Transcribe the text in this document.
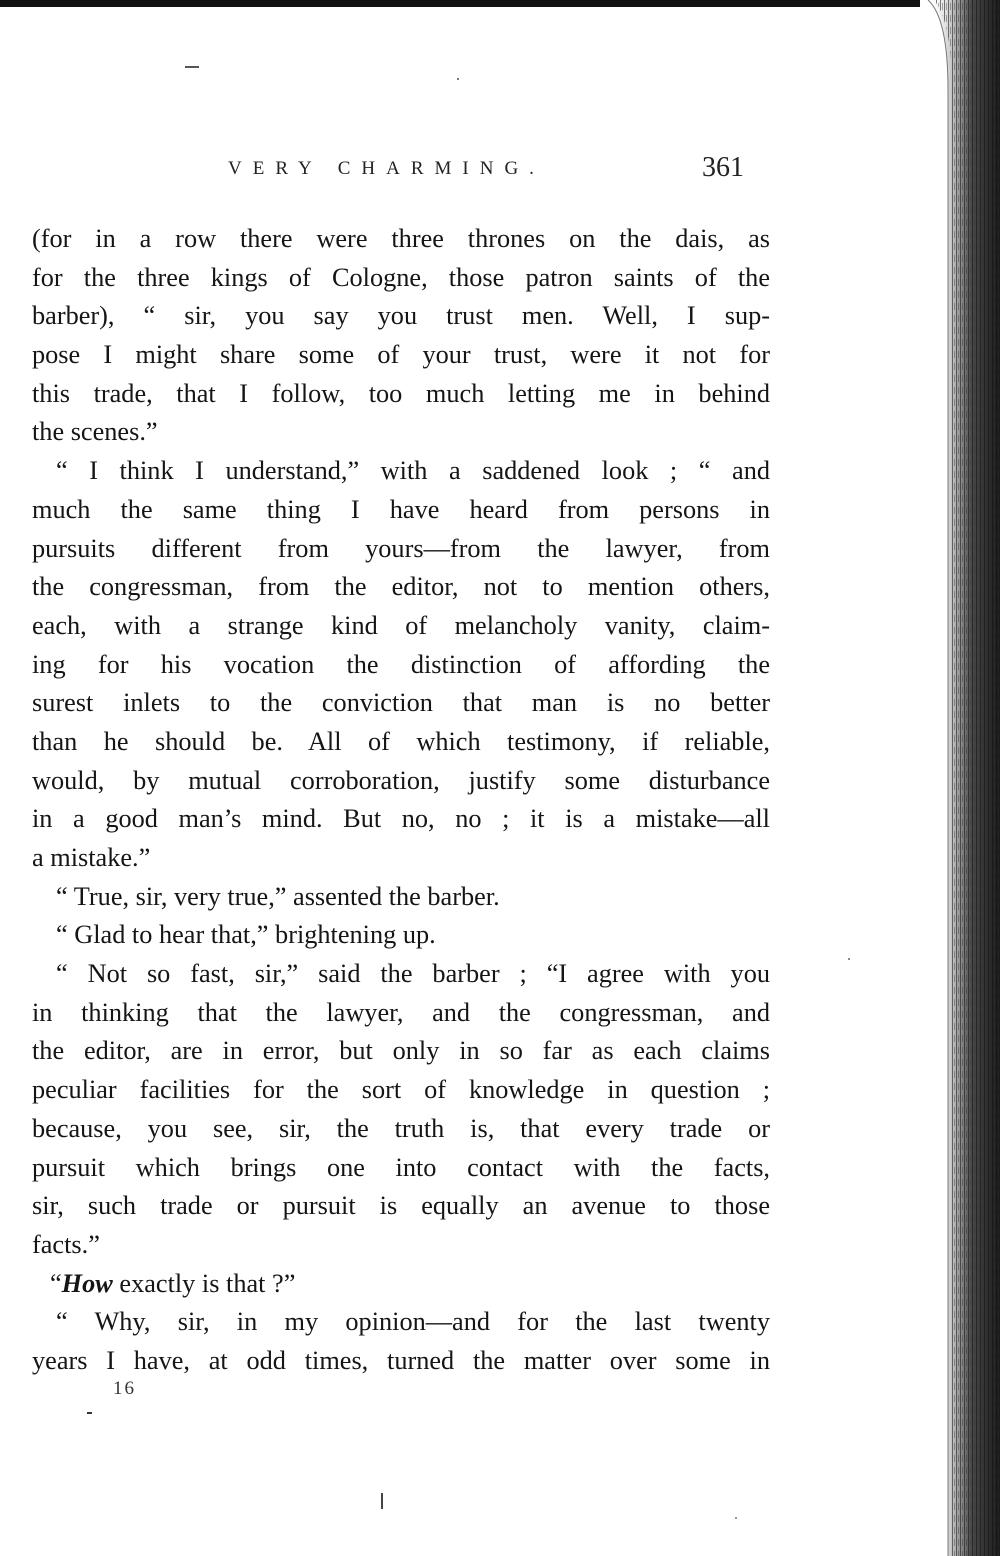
VERY CHARMING.	361
(for in a row there were three thrones on the dais, as
for the three kings of Cologne, those patron saints of the
barber), “ sir, you say you trust men. Well, I sup-
pose I might share some of your trust, were it not for
this trade, that I follow, too much letting me in behind
the scenes.”
“ I think I understand,” with a saddened look ; “ and
much the same thing I have heard from persons in
pursuits different from yours—from the lawyer, from
the congressman, from the editor, not to mention others,
each, with a strange kind of melancholy vanity, claim-
ing for his vocation the distinction of affording the
surest inlets to the conviction that man is no better
than he should be. All of which testimony, if reliable,
would, by mutual corroboration, justify some disturbance
in a good man’s mind. But no, no ; it is a mistake—all
a mistake.”
“ True, sir, very true,” assented the barber.
“ Glad to hear that,” brightening up.
“ Not so fast, sir,” said the barber ; “I agree with you
in thinking that the lawyer, and the congressman, and
the editor, are in error, but only in so far as each claims
peculiar facilities for the sort of knowledge in question ;
because, you see, sir, the truth is, that every trade or
pursuit which brings one into contact with the facts,
sir, such trade or pursuit is equally an avenue to those
facts.”
“How exactly is that ?”
“ Why, sir, in my opinion—and for the last twenty
years I have, at odd times, turned the matter over some in
16
